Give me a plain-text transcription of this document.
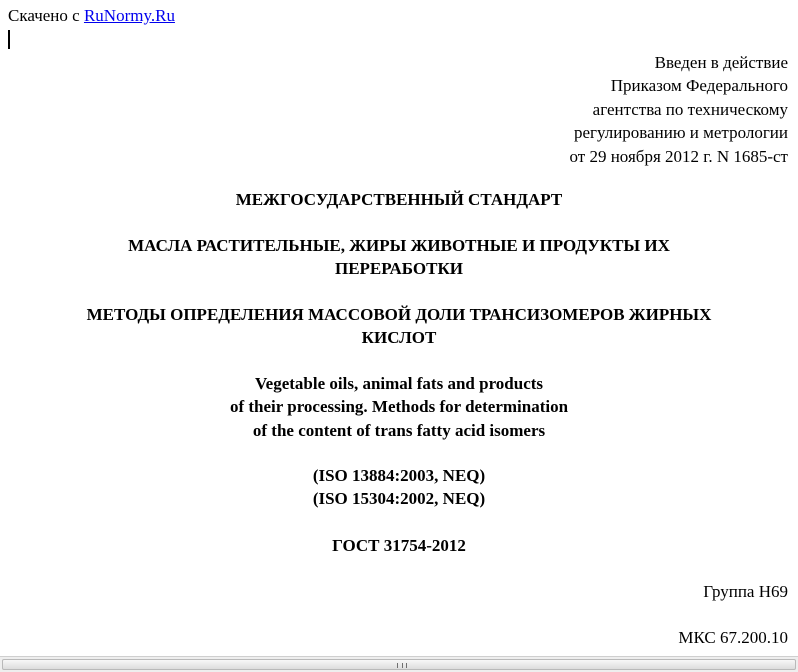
Скачено с RuNormy.Ru
Введен в действие
Приказом Федерального
агентства по техническому
регулированию и метрологии
от 29 ноября 2012 г. N 1685-ст
МЕЖГОСУДАРСТВЕННЫЙ СТАНДАРТ
МАСЛА РАСТИТЕЛЬНЫЕ, ЖИРЫ ЖИВОТНЫЕ И ПРОДУКТЫ ИХ
ПЕРЕРАБОТКИ
МЕТОДЫ ОПРЕДЕЛЕНИЯ МАССОВОЙ ДОЛИ ТРАНСИЗОМЕРОВ ЖИРНЫХ
КИСЛОТ
Vegetable oils, animal fats and products
of their processing. Methods for determination
of the content of trans fatty acid isomers
(ISO 13884:2003, NEQ)
(ISO 15304:2002, NEQ)
ГОСТ 31754-2012
Группа Н69
МКС 67.200.10
